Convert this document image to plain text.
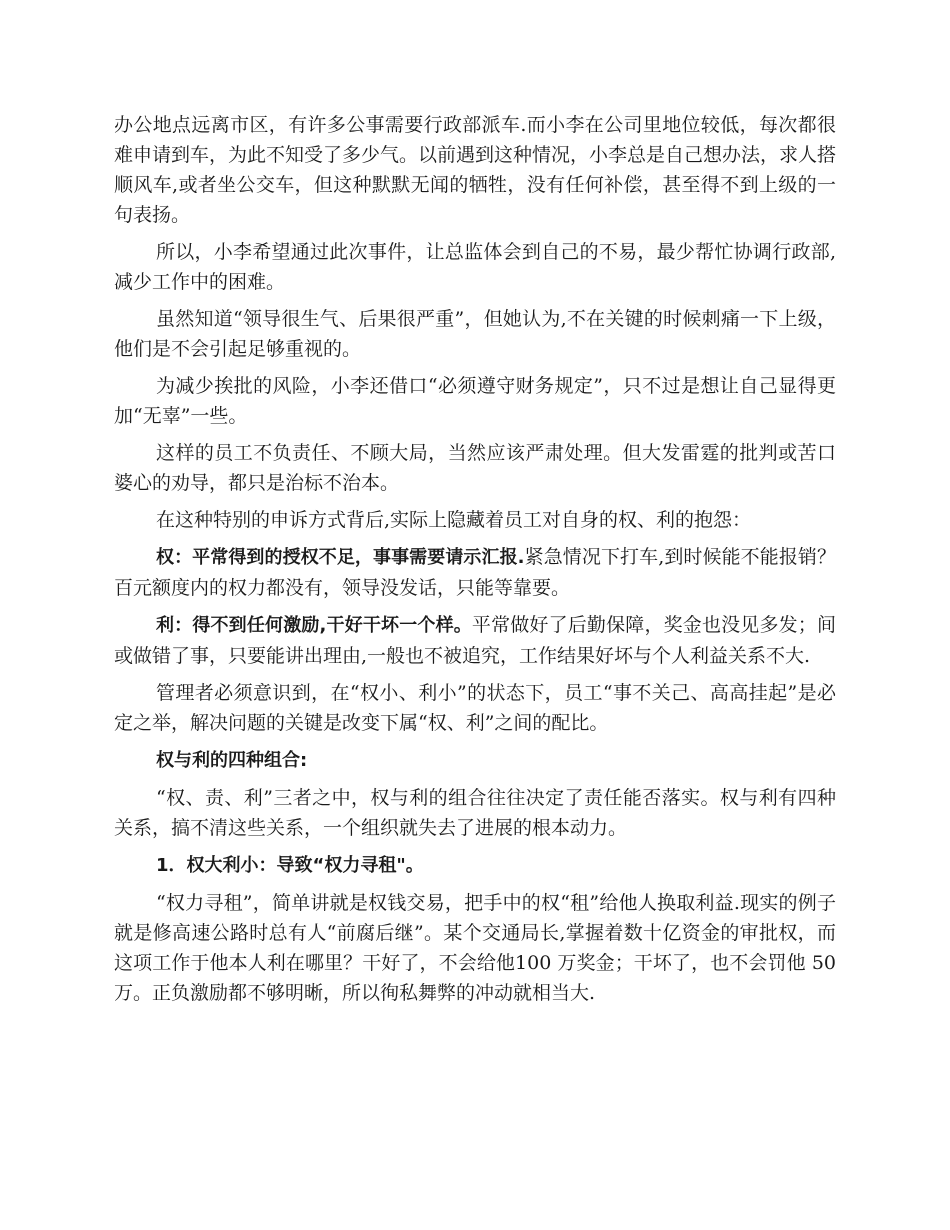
办公地点远离市区，有许多公事需要行政部派车.而小李在公司里地位较低，每次都很难申请到车，为此不知受了多少气。以前遇到这种情况，小李总是自己想办法，求人搭顺风车,或者坐公交车，但这种默默无闻的牺牲，没有任何补偿，甚至得不到上级的一句表扬。

所以，小李希望通过此次事件，让总监体会到自己的不易，最少帮忙协调行政部,减少工作中的困难。

虽然知道“领导很生气、后果很严重”，但她认为,不在关键的时候刺痛一下上级，他们是不会引起足够重视的。

为减少挨批的风险，小李还借口“必须遵守财务规定”，只不过是想让自己显得更加“无辜”一些。

这样的员工不负责任、不顾大局，当然应该严肃处理。但大发雷霆的批判或苦口婆心的劝导，都只是治标不治本。

在这种特别的申诉方式背后,实际上隐藏着员工对自身的权、利的抱怨：

权：平常得到的授权不足，事事需要请示汇报.紧急情况下打车,到时候能不能报销？百元额度内的权力都没有，领导没发话，只能等靠要。

利：得不到任何激励,干好干坏一个样。平常做好了后勤保障，奖金也没见多发；间或做错了事，只要能讲出理由,一般也不被追究，工作结果好坏与个人利益关系不大.

管理者必须意识到，在“权小、利小”的状态下，员工“事不关己、高高挂起”是必定之举，解决问题的关键是改变下属“权、利”之间的配比。

权与利的四种组合:

“权、责、利”三者之中，权与利的组合往往决定了责任能否落实。权与利有四种关系，搞不清这些关系，一个组织就失去了进展的根本动力。

1．权大利小：导致“权力寻租"。

“权力寻租”，简单讲就是权钱交易，把手中的权“租”给他人换取利益.现实的例子就是修高速公路时总有人“前腐后继”。某个交通局长,掌握着数十亿资金的审批权，而这项工作于他本人利在哪里？干好了，不会给他100 万奖金；干坏了，也不会罚他 50 万。正负激励都不够明晰，所以徇私舞弊的冲动就相当大.
